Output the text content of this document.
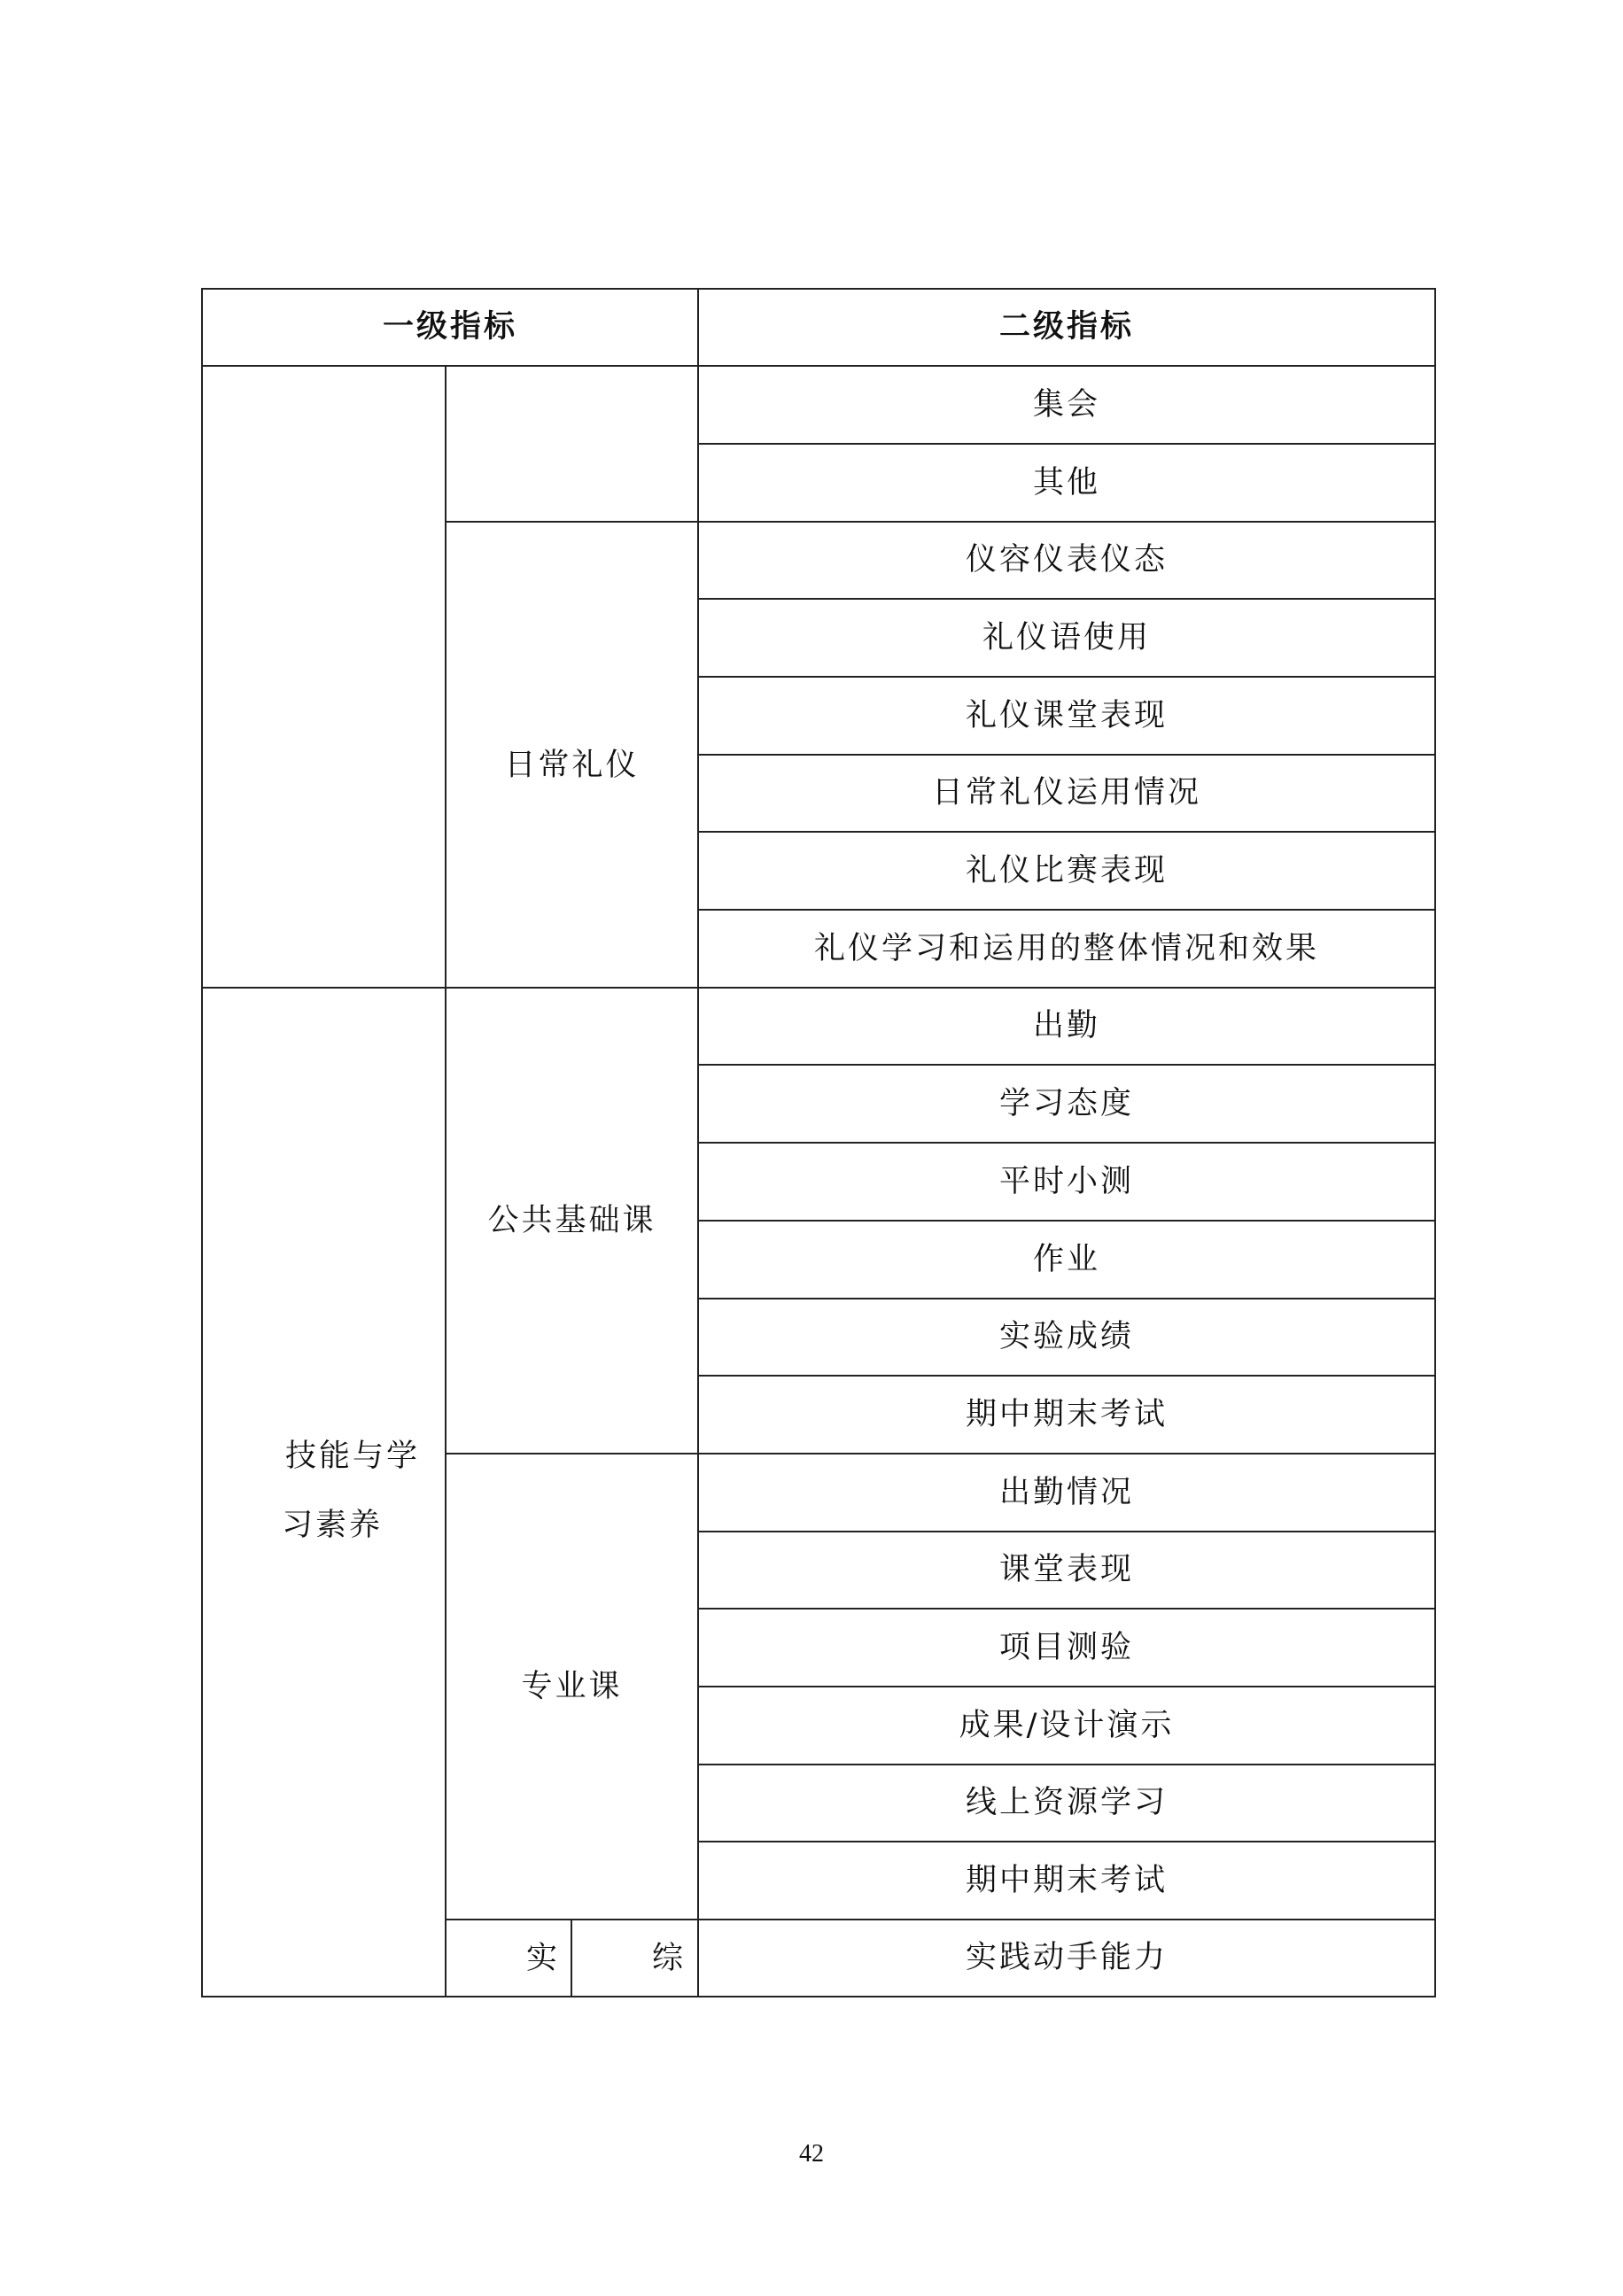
一级指标	二级指标
技能与学
习素养
日常礼仪
公共基础课
专业课
实	综
集会
其他
仪容仪表仪态
礼仪语使用
礼仪课堂表现
日常礼仪运用情况
礼仪比赛表现
礼仪学习和运用的整体情况和效果
出勤
学习态度
平时小测
作业
实验成绩
期中期末考试
出勤情况
课堂表现
项目测验
成果/设计演示
线上资源学习
期中期末考试
实践动手能力
42
